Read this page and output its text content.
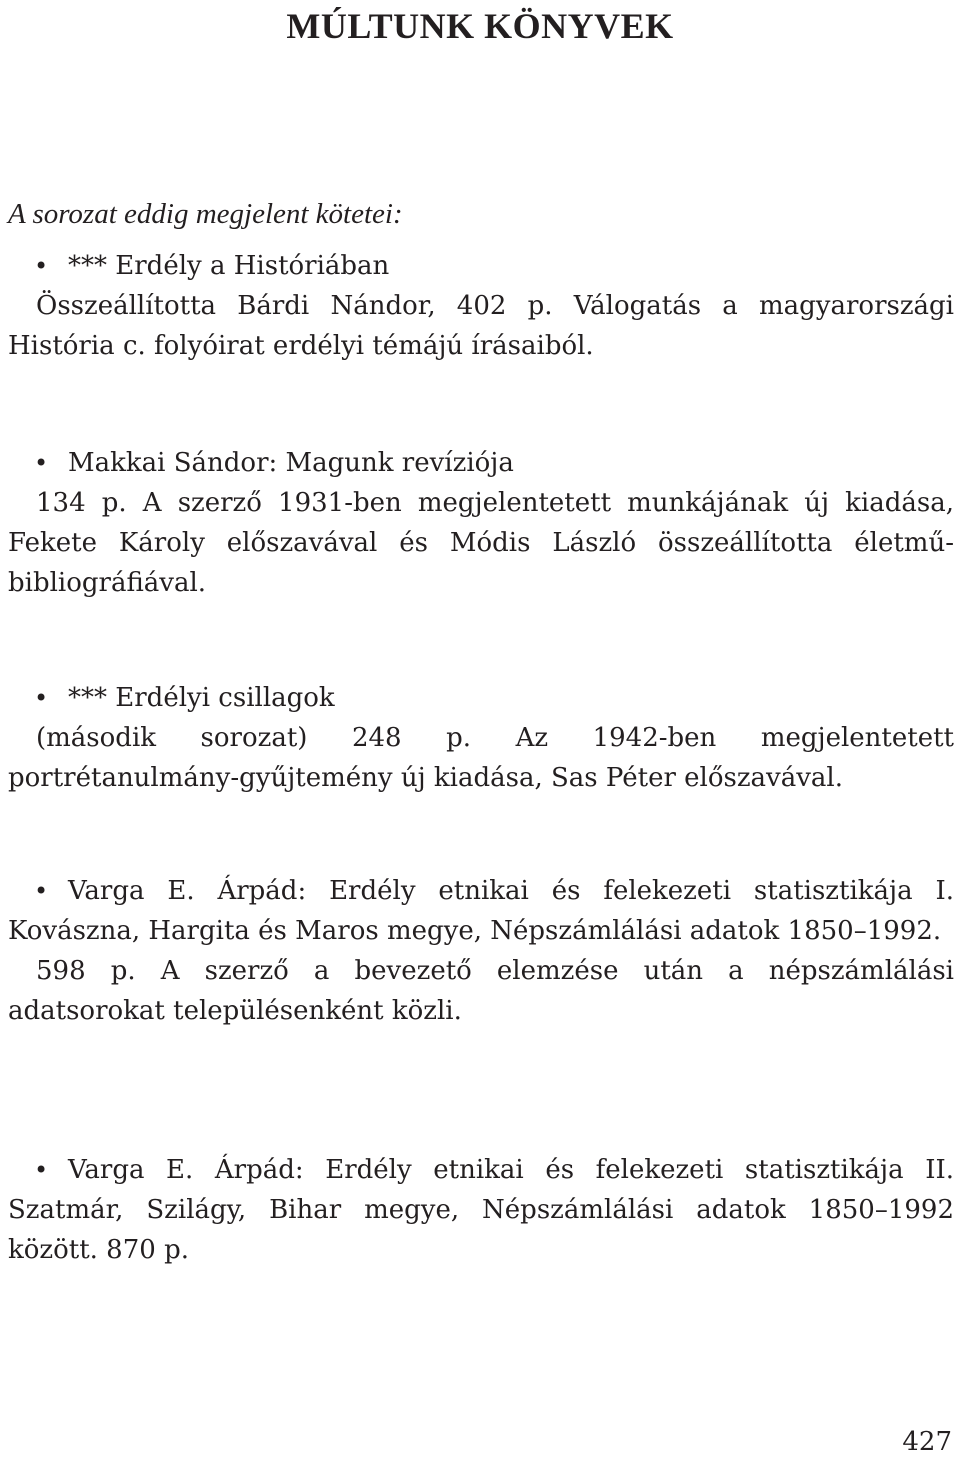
MÚLTUNK KÖNYVEK

A sorozat eddig megjelent kötetei:

• *** Erdély a Históriában

Összeállította Bárdi Nándor, 402 p. Válogatás a magyarországi História c. folyóirat erdélyi témájú írásaiból.

• Makkai Sándor: Magunk revíziója

134 p. A szerző 1931-ben megjelentetett munkájának új kiadása, Fekete Károly előszavával és Módis László összeállította életmű-bibliográfiával.

• *** Erdélyi csillagok

(második sorozat) 248 p. Az 1942-ben megjelentetett portrétanulmány-gyűjtemény új kiadása, Sas Péter előszavával.

• Varga E. Árpád: Erdély etnikai és felekezeti statisztikája I. Kovászna, Hargita és Maros megye, Népszámlálási adatok 1850–1992.

598 p. A szerző a bevezető elemzése után a népszámlálási adatsorokat településenként közli.

• Varga E. Árpád: Erdély etnikai és felekezeti statisztikája II. Szatmár, Szilágy, Bihar megye, Népszámlálási adatok 1850–1992 között. 870 p.

427
